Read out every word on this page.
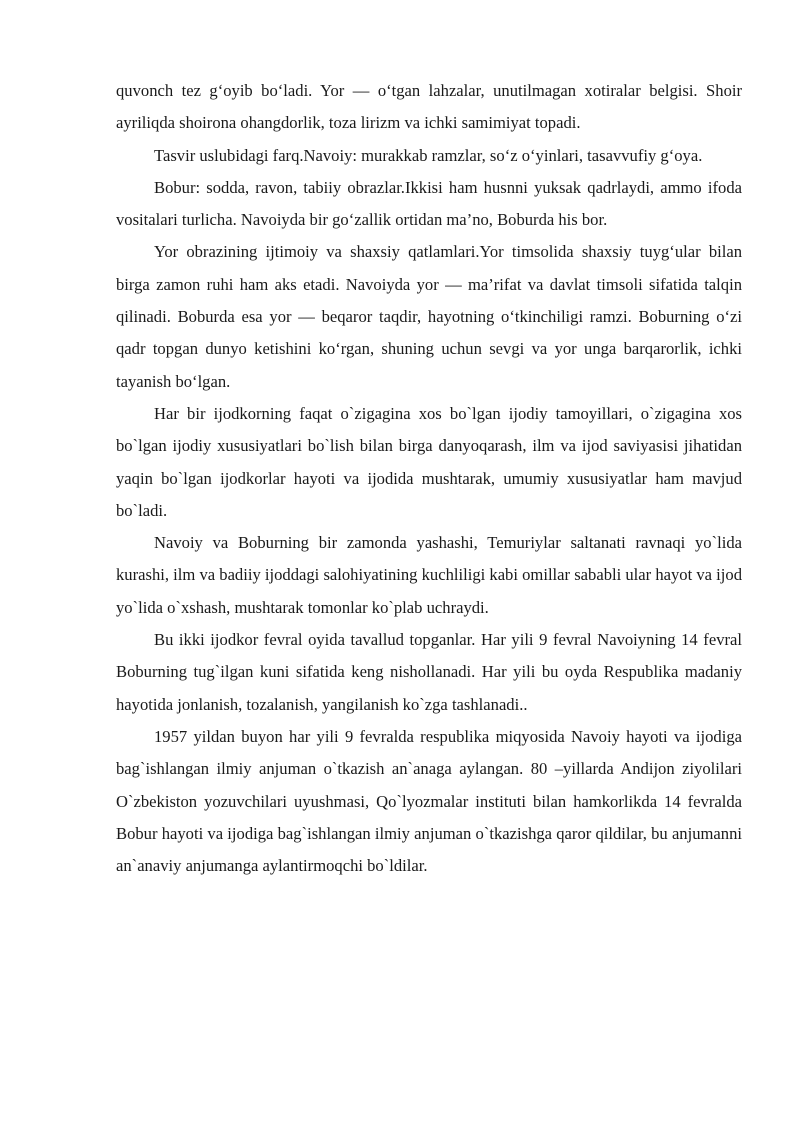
quvonch tez g‘oyib bo‘ladi. Yor — o‘tgan lahzalar, unutilmagan xotiralar belgisi. Shoir ayriliqda shoirona ohangdorlik, toza lirizm va ichki samimiyat topadi.

Tasvir uslubidagi farq.Navoiy: murakkab ramzlar, so‘z o‘yinlari, tasavvufiy g‘oya.

Bobur: sodda, ravon, tabiiy obrazlar.Ikkisi ham husnni yuksak qadrlaydi, ammo ifoda vositalari turlicha. Navoiyda bir go‘zallik ortidan ma’no, Boburda his bor.

Yor obrazining ijtimoiy va shaxsiy qatlamlari.Yor timsolida shaxsiy tuyg‘ular bilan birga zamon ruhi ham aks etadi. Navoiyda yor — ma’rifat va davlat timsoli sifatida talqin qilinadi. Boburda esa yor — beqaror taqdir, hayotning o‘tkinchiligi ramzi. Boburning o‘zi qadr topgan dunyo ketishini ko‘rgan, shuning uchun sevgi va yor unga barqarorlik, ichki tayanish bo‘lgan.

Har bir ijodkorning faqat o`zigagina xos bo`lgan ijodiy tamoyillari, o`zigagina xos bo`lgan ijodiy xususiyatlari bo`lish bilan birga danyoqarash, ilm va ijod saviyasisi jihatidan yaqin bo`lgan ijodkorlar hayoti va ijodida mushtarak, umumiy xususiyatlar ham mavjud bo`ladi.

Navoiy va Boburning bir zamonda yashashi, Temuriylar saltanati ravnaqi yo`lida kurashi, ilm va badiiy ijoddagi salohiyatining kuchliligi kabi omillar sababli ular hayot va ijod yo`lida o`xshash, mushtarak tomonlar ko`plab uchraydi.

Bu ikki ijodkor fevral oyida tavallud topganlar. Har yili 9 fevral Navoiyning 14 fevral Boburning tug`ilgan kuni sifatida keng nishollanadi. Har yili bu oyda Respublika madaniy hayotida jonlanish, tozalanish, yangilanish ko`zga tashlanadi..

1957 yildan buyon har yili 9 fevralda respublika miqyosida Navoiy hayoti va ijodiga bag`ishlangan ilmiy anjuman o`tkazish an`anaga aylangan. 80 –yillarda Andijon ziyolilari O`zbekiston yozuvchilari uyushmasi, Qo`lyozmalar instituti bilan hamkorlikda 14 fevralda Bobur hayoti va ijodiga bag`ishlangan ilmiy anjuman o`tkazishga qaror qildilar, bu anjumanni an`anaviy anjumanga aylantirmoqchi bo`ldilar.
